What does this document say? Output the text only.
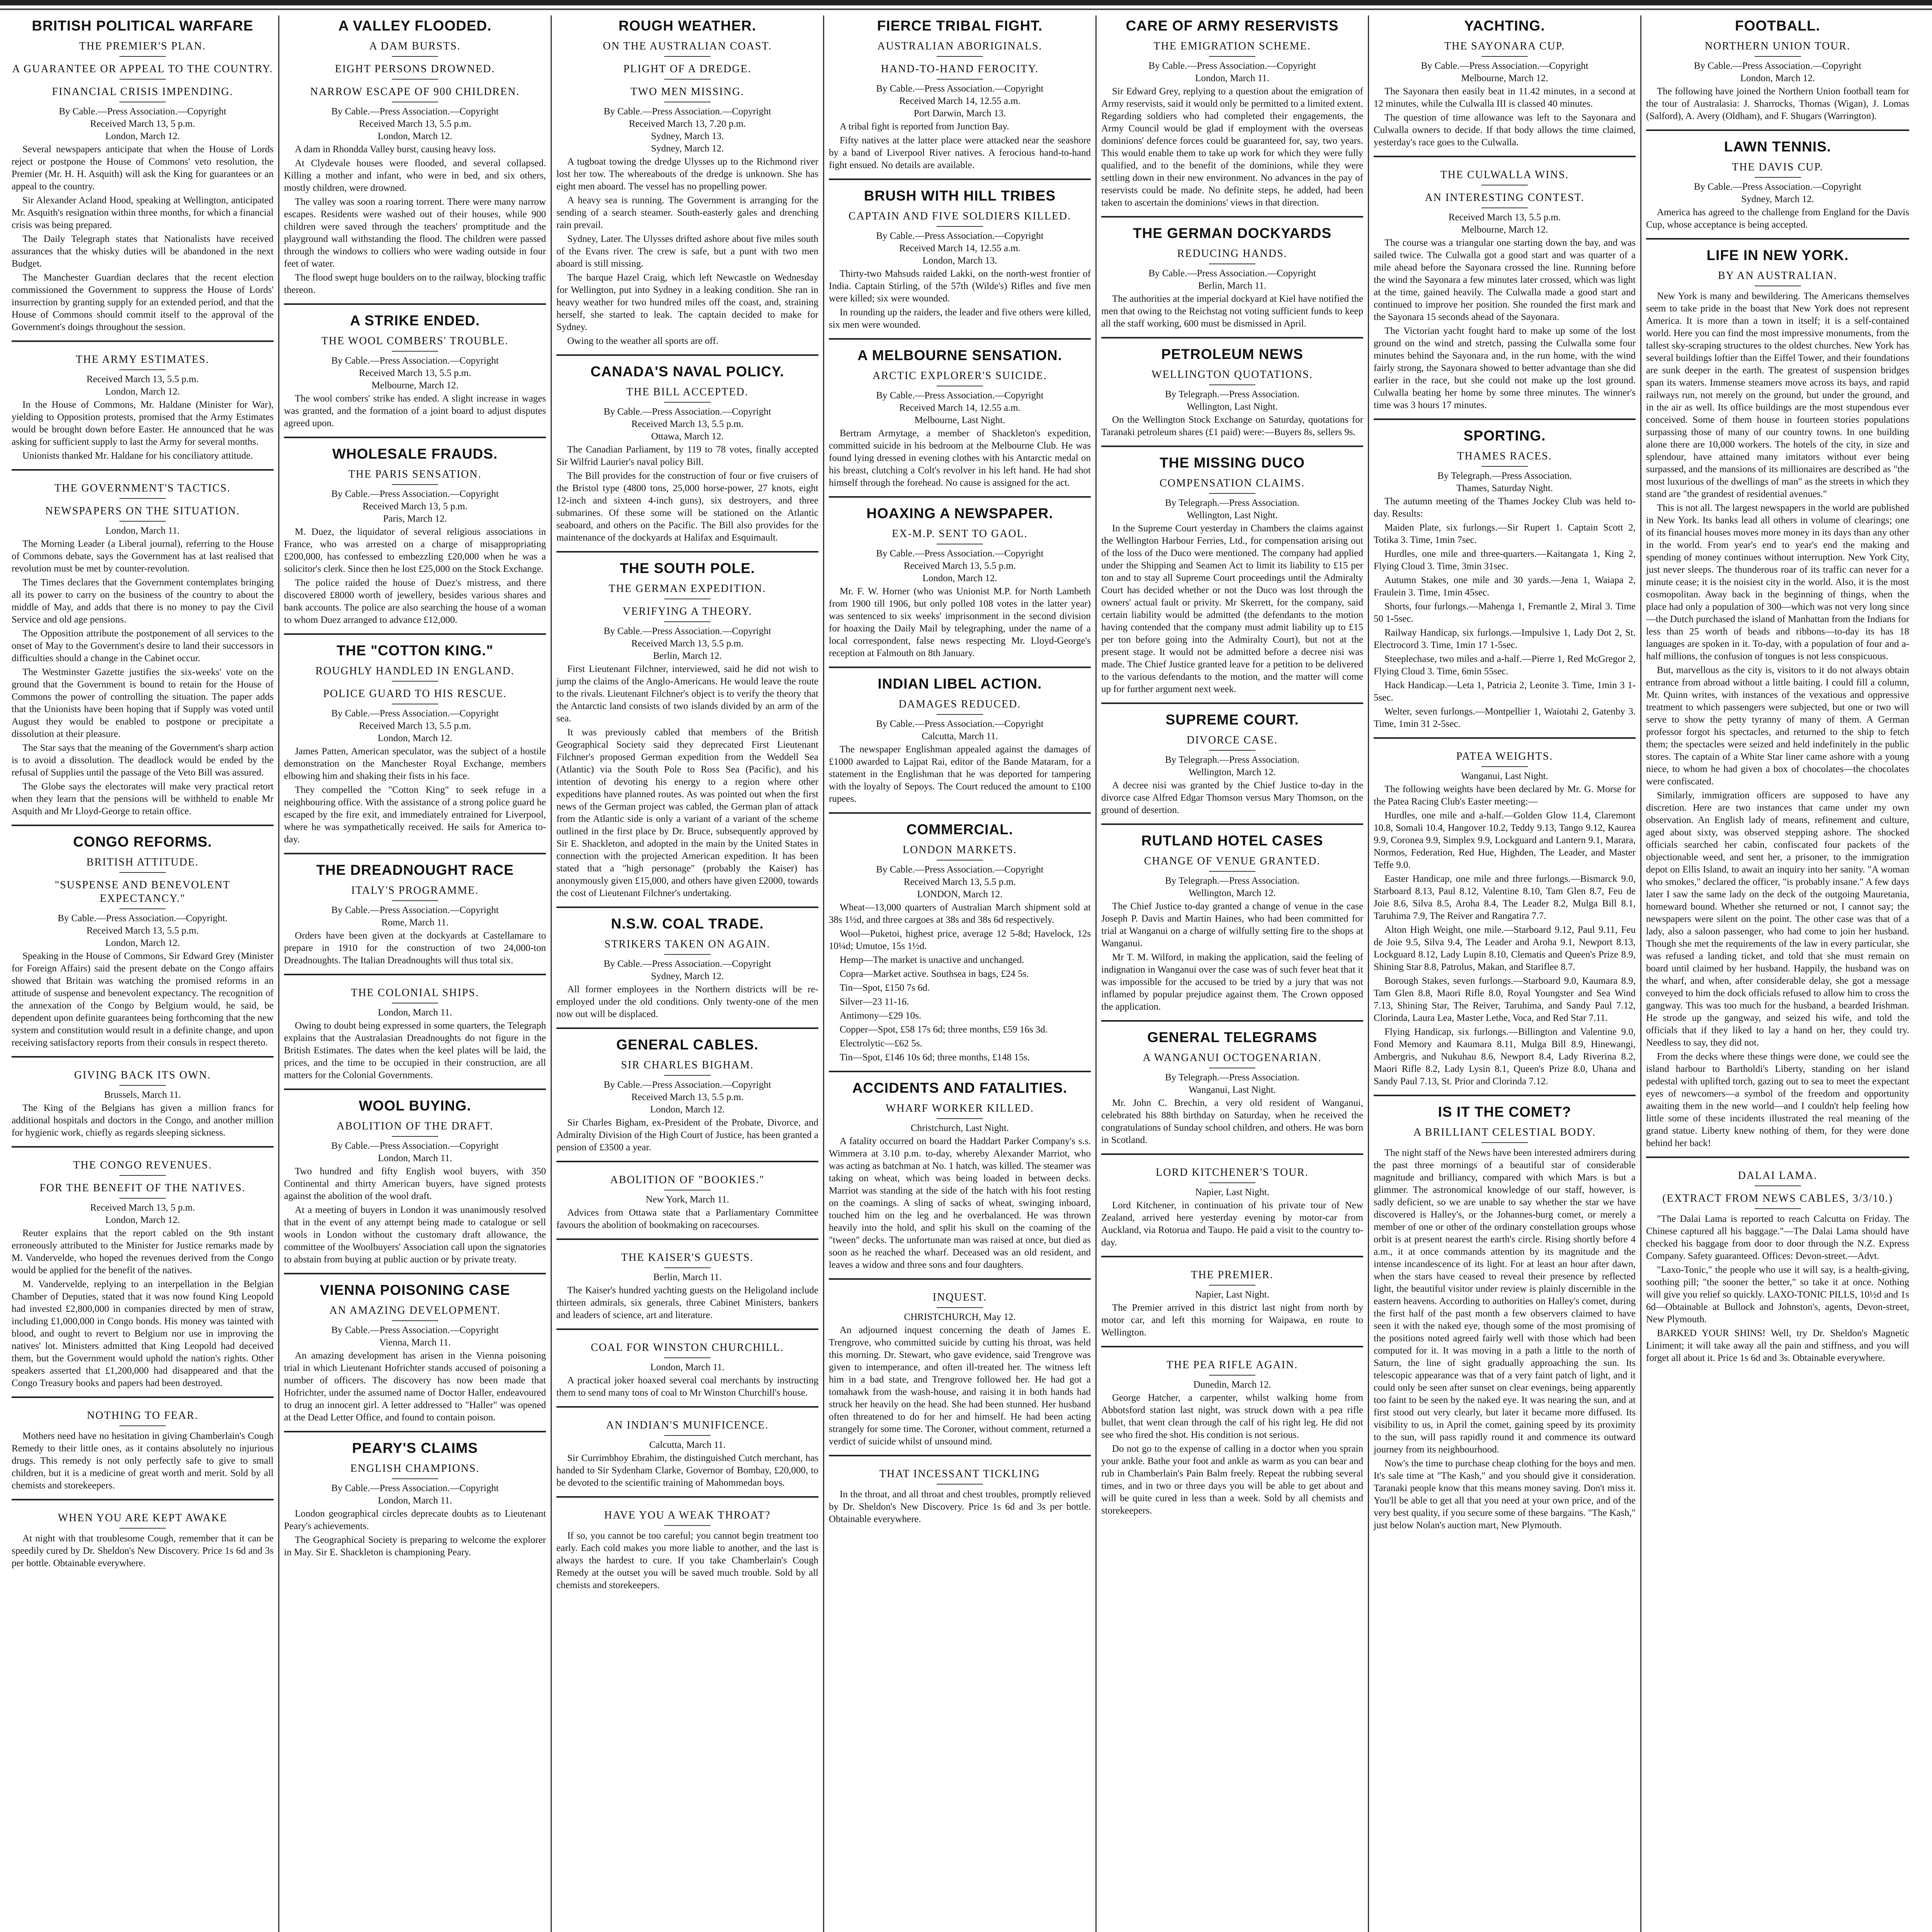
BRITISH POLITICAL WARFARE
THE PREMIER'S PLAN.
A GUARANTEE OR APPEAL TO THE COUNTRY.
FINANCIAL CRISIS IMPENDING.
By Cable.—Press Association.—Copyright
Received March 13, 5 p.m.
London, March 12.

Several newspapers anticipate that when the House of Lords reject or postpone the House of Commons' veto resolution, the Premier (Mr. H. H. Asquith) will ask the King for guarantees or an appeal to the country.

Sir Alexander Acland Hood, speaking at Wellington, anticipated Mr. Asquith's resignation within three months, for which a financial crisis was being prepared.

The Daily Telegraph states that Nationalists have received assurances that the whisky duties will be abandoned in the next Budget.

The Manchester Guardian declares that the recent election commissioned the Government to suppress the House of Lords' insurrection by granting supply for an extended period, and that the House of Commons should commit itself to the approval of the Government's doings throughout the session.

THE ARMY ESTIMATES.
Received March 13, 5.5 p.m.
London, March 12.

In the House of Commons, Mr. Haldane (Minister for War), yielding to Opposition protests, promised that the Army Estimates would be brought down before Easter. He announced that he was asking for sufficient supply to last the Army for several months.

Unionists thanked Mr. Haldane for his conciliatory attitude.

THE GOVERNMENT'S TACTICS.
NEWSPAPERS ON THE SITUATION.
London, March 11.

The Morning Leader (a Liberal journal), referring to the House of Commons debate, says the Government has at last realised that revolution must be met by counter-revolution.

The Times declares that the Government contemplates bringing all its power to carry on the business of the country to about the middle of May, and adds that there is no money to pay the Civil Service and old age pensions.

The Opposition attribute the postponement of all services to the onset of May to the Government's desire to land their successors in difficulties should a change in the Cabinet occur.

The Westminster Gazette justifies the six-weeks' vote on the ground that the Government is bound to retain for the House of Commons the power of controlling the situation. The paper adds that the Unionists have been hoping that if Supply was voted until August they would be enabled to postpone or precipitate a dissolution at their pleasure.

The Star says that the meaning of the Government's sharp action is to avoid a dissolution. The deadlock would be ended by the refusal of Supplies until the passage of the Veto Bill was assured.

The Globe says the electorates will make very practical retort when they learn that the pensions will be withheld to enable Mr Asquith and Mr Lloyd-George to retain office.

CONGO REFORMS.
BRITISH ATTITUDE.
"SUSPENSE AND BENEVOLENT EXPECTANCY."
By Cable.—Press Association.—Copyright.
Received March 13, 5.5 p.m.
London, March 12.

Speaking in the House of Commons, Sir Edward Grey (Minister for Foreign Affairs) said the present debate on the Congo affairs showed that Britain was watching the promised reforms in an attitude of suspense and benevolent expectancy. The recognition of the annexation of the Congo by Belgium would, he said, be dependent upon definite guarantees being forthcoming that the new system and constitution would result in a definite change, and upon receiving satisfactory reports from their consuls in respect thereto.

GIVING BACK ITS OWN.
Brussels, March 11.

The King of the Belgians has given a million francs for additional hospitals and doctors in the Congo, and another million for hygienic work, chiefly as regards sleeping sickness.

THE CONGO REVENUES.
FOR THE BENEFIT OF THE NATIVES.
Received March 13, 5 p.m.
London, March 12.

Reuter explains that the report cabled on the 9th instant erroneously attributed to the Minister for Justice remarks made by M. Vandervelde, who hoped the revenues derived from the Congo would be applied for the benefit of the natives.

M. Vandervelde, replying to an interpellation in the Belgian Chamber of Deputies, stated that it was now found King Leopold had invested £2,800,000 in companies directed by men of straw, including £1,000,000 in Congo bonds. His money was tainted with blood, and ought to revert to Belgium nor use in improving the natives' lot. Ministers admitted that King Leopold had deceived them, but the Government would uphold the nation's rights. Other speakers asserted that £1,200,000 had disappeared and that the Congo Treasury books and papers had been destroyed.

NOTHING TO FEAR.

Mothers need have no hesitation in giving Chamberlain's Cough Remedy to their little ones, as it contains absolutely no injurious drugs. This remedy is not only perfectly safe to give to small children, but it is a medicine of great worth and merit. Sold by all chemists and storekeepers.

WHEN YOU ARE KEPT AWAKE

At night with that troublesome Cough, remember that it can be speedily cured by Dr. Sheldon's New Discovery. Price 1s 6d and 3s per bottle. Obtainable everywhere.

A VALLEY FLOODED.
A DAM BURSTS.
EIGHT PERSONS DROWNED.
NARROW ESCAPE OF 900 CHILDREN.
By Cable.—Press Association.—Copyright
Received March 13, 5.5 p.m.
London, March 12.

A dam in Rhondda Valley burst, causing heavy loss.

At Clydevale houses were flooded, and several collapsed. Killing a mother and infant, who were in bed, and six others, mostly children, were drowned.

The valley was soon a roaring torrent. There were many narrow escapes. Residents were washed out of their houses, while 900 children were saved through the teachers' promptitude and the playground wall withstanding the flood. The children were passed through the windows to colliers who were wading outside in four feet of water.

The flood swept huge boulders on to the railway, blocking traffic thereon.

A STRIKE ENDED.
THE WOOL COMBERS' TROUBLE.
By Cable.—Press Association.—Copyright
Received March 13, 5.5 p.m.
Melbourne, March 12.

The wool combers' strike has ended. A slight increase in wages was granted, and the formation of a joint board to adjust disputes agreed upon.

WHOLESALE FRAUDS.
THE PARIS SENSATION.
By Cable.—Press Association.—Copyright
Received March 13, 5 p.m.
Paris, March 12.

M. Duez, the liquidator of several religious associations in France, who was arrested on a charge of misappropriating £200,000, has confessed to embezzling £20,000 when he was a solicitor's clerk. Since then he lost £25,000 on the Stock Exchange.

The police raided the house of Duez's mistress, and there discovered £8000 worth of jewellery, besides various shares and bank accounts. The police are also searching the house of a woman to whom Duez arranged to advance £12,000.

THE "COTTON KING."
ROUGHLY HANDLED IN ENGLAND.
POLICE GUARD TO HIS RESCUE.
By Cable.—Press Association.—Copyright
Received March 13, 5.5 p.m.
London, March 12.

James Patten, American speculator, was the subject of a hostile demonstration on the Manchester Royal Exchange, members elbowing him and shaking their fists in his face.

They compelled the "Cotton King" to seek refuge in a neighbouring office. With the assistance of a strong police guard he escaped by the fire exit, and immediately entrained for Liverpool, where he was sympathetically received. He sails for America to-day.

THE DREADNOUGHT RACE
ITALY'S PROGRAMME.
By Cable.—Press Association.—Copyright
Rome, March 11.

Orders have been given at the dockyards at Castellamare to prepare in 1910 for the construction of two 24,000-ton Dreadnoughts. The Italian Dreadnoughts will thus total six.

THE COLONIAL SHIPS.
London, March 11.

Owing to doubt being expressed in some quarters, the Telegraph explains that the Australasian Dreadnoughts do not figure in the British Estimates. The dates when the keel plates will be laid, the prices, and the time to be occupied in their construction, are all matters for the Colonial Governments.

WOOL BUYING.
ABOLITION OF THE DRAFT.
By Cable.—Press Association.—Copyright
London, March 11.

Two hundred and fifty English wool buyers, with 350 Continental and thirty American buyers, have signed protests against the abolition of the wool draft.

At a meeting of buyers in London it was unanimously resolved that in the event of any attempt being made to catalogue or sell wools in London without the customary draft allowance, the committee of the Woolbuyers' Association call upon the signatories to abstain from buying at public auction or by private treaty.

VIENNA POISONING CASE
AN AMAZING DEVELOPMENT.
By Cable.—Press Association.—Copyright
Vienna, March 11.

An amazing development has arisen in the Vienna poisoning trial in which Lieutenant Hofrichter stands accused of poisoning a number of officers. The discovery has now been made that Hofrichter, under the assumed name of Doctor Haller, endeavoured to drug an innocent girl. A letter addressed to "Haller" was opened at the Dead Letter Office, and found to contain poison.

PEARY'S CLAIMS
ENGLISH CHAMPIONS.
By Cable.—Press Association.—Copyright
London, March 11.

London geographical circles deprecate doubts as to Lieutenant Peary's achievements.

The Geographical Society is preparing to welcome the explorer in May. Sir E. Shackleton is championing Peary.

ROUGH WEATHER.
ON THE AUSTRALIAN COAST.
PLIGHT OF A DREDGE.
TWO MEN MISSING.
By Cable.—Press Association.—Copyright
Received March 13, 7.20 p.m.
Sydney, March 13.
Sydney, March 12.

A tugboat towing the dredge Ulysses up to the Richmond river lost her tow. The whereabouts of the dredge is unknown. She has eight men aboard. The vessel has no propelling power.

A heavy sea is running. The Government is arranging for the sending of a search steamer. South-easterly gales and drenching rain prevail.

Sydney, Later. The Ulysses drifted ashore about five miles south of the Evans river. The crew is safe, but a punt with two men aboard is still missing.

The barque Hazel Craig, which left Newcastle on Wednesday for Wellington, put into Sydney in a leaking condition. She ran in heavy weather for two hundred miles off the coast, and, straining herself, she started to leak. The captain decided to make for Sydney.

Owing to the weather all sports are off.

CANADA'S NAVAL POLICY.
THE BILL ACCEPTED.
By Cable.—Press Association.—Copyright
Received March 13, 5.5 p.m.
Ottawa, March 12.

The Canadian Parliament, by 119 to 78 votes, finally accepted Sir Wilfrid Laurier's naval policy Bill.

The Bill provides for the construction of four or five cruisers of the Bristol type (4800 tons, 25,000 horse-power, 27 knots, eight 12-inch and sixteen 4-inch guns), six destroyers, and three submarines. Of these some will be stationed on the Atlantic seaboard, and others on the Pacific. The Bill also provides for the maintenance of the dockyards at Halifax and Esquimault.

THE SOUTH POLE.
THE GERMAN EXPEDITION.
VERIFYING A THEORY.
By Cable.—Press Association.—Copyright
Received March 13, 5.5 p.m.
Berlin, March 12.

First Lieutenant Filchner, interviewed, said he did not wish to jump the claims of the Anglo-Americans. He would leave the route to the rivals. Lieutenant Filchner's object is to verify the theory that the Antarctic land consists of two islands divided by an arm of the sea.

It was previously cabled that members of the British Geographical Society said they deprecated First Lieutenant Filchner's proposed German expedition from the Weddell Sea (Atlantic) via the South Pole to Ross Sea (Pacific), and his intention of devoting his energy to a region where other expeditions have planned routes. As was pointed out when the first news of the German project was cabled, the German plan of attack from the Atlantic side is only a variant of a variant of the scheme outlined in the first place by Dr. Bruce, subsequently approved by Sir E. Shackleton, and adopted in the main by the United States in connection with the projected American expedition. It has been stated that a "high personage" (probably the Kaiser) has anonymously given £15,000, and others have given £2000, towards the cost of Lieutenant Filchner's undertaking.

N.S.W. COAL TRADE.
STRIKERS TAKEN ON AGAIN.
By Cable.—Press Association.—Copyright
Sydney, March 12.

All former employees in the Northern districts will be re-employed under the old conditions. Only twenty-one of the men now out will be displaced.

GENERAL CABLES.
SIR CHARLES BIGHAM.
By Cable.—Press Association.—Copyright
Received March 13, 5.5 p.m.
London, March 12.

Sir Charles Bigham, ex-President of the Probate, Divorce, and Admiralty Division of the High Court of Justice, has been granted a pension of £3500 a year.

ABOLITION OF "BOOKIES."
New York, March 11.

Advices from Ottawa state that a Parliamentary Committee favours the abolition of bookmaking on racecourses.

THE KAISER'S GUESTS.
Berlin, March 11.

The Kaiser's hundred yachting guests on the Heligoland include thirteen admirals, six generals, three Cabinet Ministers, bankers and leaders of science, art and literature.

COAL FOR WINSTON CHURCHILL.
London, March 11.

A practical joker hoaxed several coal merchants by instructing them to send many tons of coal to Mr Winston Churchill's house.

AN INDIAN'S MUNIFICENCE.
Calcutta, March 11.

Sir Currimbhoy Ebrahim, the distinguished Cutch merchant, has handed to Sir Sydenham Clarke, Governor of Bombay, £20,000, to be devoted to the scientific training of Mahommedan boys.

HAVE YOU A WEAK THROAT?

If so, you cannot be too careful; you cannot begin treatment too early. Each cold makes you more liable to another, and the last is always the hardest to cure. If you take Chamberlain's Cough Remedy at the outset you will be saved much trouble. Sold by all chemists and storekeepers.

FIERCE TRIBAL FIGHT.
AUSTRALIAN ABORIGINALS.
HAND-TO-HAND FEROCITY.
By Cable.—Press Association.—Copyright
Received March 14, 12.55 a.m.
Port Darwin, March 13.

A tribal fight is reported from Junction Bay.

Fifty natives at the latter place were attacked near the seashore by a band of Liverpool River natives. A ferocious hand-to-hand fight ensued. No details are available.

BRUSH WITH HILL TRIBES
CAPTAIN AND FIVE SOLDIERS KILLED.
By Cable.—Press Association.—Copyright
Received March 14, 12.55 a.m.
London, March 13.

Thirty-two Mahsuds raided Lakki, on the north-west frontier of India. Captain Stirling, of the 57th (Wilde's) Rifles and five men were killed; six were wounded.

In rounding up the raiders, the leader and five others were killed, six men were wounded.

A MELBOURNE SENSATION.
ARCTIC EXPLORER'S SUICIDE.
By Cable.—Press Association.—Copyright
Received March 14, 12.55 a.m.
Melbourne, Last Night.

Bertram Armytage, a member of Shackleton's expedition, committed suicide in his bedroom at the Melbourne Club. He was found lying dressed in evening clothes with his Antarctic medal on his breast, clutching a Colt's revolver in his left hand. He had shot himself through the forehead. No cause is assigned for the act.

HOAXING A NEWSPAPER.
EX-M.P. SENT TO GAOL.
By Cable.—Press Association.—Copyright
Received March 13, 5.5 p.m.
London, March 12.

Mr. F. W. Horner (who was Unionist M.P. for North Lambeth from 1900 till 1906, but only polled 108 votes in the latter year) was sentenced to six weeks' imprisonment in the second division for hoaxing the Daily Mail by telegraphing, under the name of a local correspondent, false news respecting Mr. Lloyd-George's reception at Falmouth on 8th January.

INDIAN LIBEL ACTION.
DAMAGES REDUCED.
By Cable.—Press Association.—Copyright
Calcutta, March 11.

The newspaper Englishman appealed against the damages of £1000 awarded to Lajpat Rai, editor of the Bande Mataram, for a statement in the Englishman that he was deported for tampering with the loyalty of Sepoys. The Court reduced the amount to £100 rupees.

COMMERCIAL.
LONDON MARKETS.
By Cable.—Press Association.—Copyright
Received March 13, 5.5 p.m.
LONDON, March 12.

Wheat—13,000 quarters of Australian March shipment sold at 38s 1½d, and three cargoes at 38s and 38s 6d respectively.

Wool—Puketoi, highest price, average 12 5-8d; Havelock, 12s 10¼d; Umutoe, 15s 1½d.

Hemp—The market is unactive and unchanged.

Copra—Market active. Southsea in bags, £24 5s.

Tin—Spot, £150 7s 6d.

Silver—23 11-16.

Antimony—£29 10s.

Copper—Spot, £58 17s 6d; three months, £59 16s 3d.

Electrolytic—£62 5s.

Tin—Spot, £146 10s 6d; three months, £148 15s.

ACCIDENTS AND FATALITIES.
WHARF WORKER KILLED.
Christchurch, Last Night.

A fatality occurred on board the Haddart Parker Company's s.s. Wimmera at 3.10 p.m. to-day, whereby Alexander Marriot, who was acting as batchman at No. 1 hatch, was killed. The steamer was taking on wheat, which was being loaded in between decks. Marriot was standing at the side of the hatch with his foot resting on the coamings. A sling of sacks of wheat, swinging inboard, touched him on the leg and he overbalanced. He was thrown heavily into the hold, and split his skull on the coaming of the "tween" decks. The unfortunate man was raised at once, but died as soon as he reached the wharf. Deceased was an old resident, and leaves a widow and three sons and four daughters.

INQUEST.
CHRISTCHURCH, May 12.

An adjourned inquest concerning the death of James E. Trengrove, who committed suicide by cutting his throat, was held this morning. Dr. Stewart, who gave evidence, said Trengrove was given to intemperance, and often ill-treated her. The witness left him in a bad state, and Trengrove followed her. He had got a tomahawk from the wash-house, and raising it in both hands had struck her heavily on the head. She had been stunned. Her husband often threatened to do for her and himself. He had been acting strangely for some time. The Coroner, without comment, returned a verdict of suicide whilst of unsound mind.

THAT INCESSANT TICKLING

In the throat, and all throat and chest troubles, promptly relieved by Dr. Sheldon's New Discovery. Price 1s 6d and 3s per bottle. Obtainable everywhere.

CARE OF ARMY RESERVISTS
THE EMIGRATION SCHEME.
By Cable.—Press Association.—Copyright
London, March 11.

Sir Edward Grey, replying to a question about the emigration of Army reservists, said it would only be permitted to a limited extent. Regarding soldiers who had completed their engagements, the Army Council would be glad if employment with the overseas dominions' defence forces could be guaranteed for, say, two years. This would enable them to take up work for which they were fully qualified, and to the benefit of the dominions, while they were settling down in their new environment. No advances in the pay of reservists could be made. No definite steps, he added, had been taken to ascertain the dominions' views in that direction.

THE GERMAN DOCKYARDS
REDUCING HANDS.
By Cable.—Press Association.—Copyright
Berlin, March 11.

The authorities at the imperial dockyard at Kiel have notified the men that owing to the Reichstag not voting sufficient funds to keep all the staff working, 600 must be dismissed in April.

PETROLEUM NEWS
WELLINGTON QUOTATIONS.
By Telegraph.—Press Association.
Wellington, Last Night.

On the Wellington Stock Exchange on Saturday, quotations for Taranaki petroleum shares (£1 paid) were:—Buyers 8s, sellers 9s.

THE MISSING DUCO
COMPENSATION CLAIMS.
By Telegraph.—Press Association.
Wellington, Last Night.

In the Supreme Court yesterday in Chambers the claims against the Wellington Harbour Ferries, Ltd., for compensation arising out of the loss of the Duco were mentioned. The company had applied under the Shipping and Seamen Act to limit its liability to £15 per ton and to stay all Supreme Court proceedings until the Admiralty Court has decided whether or not the Duco was lost through the owners' actual fault or privity. Mr Skerrett, for the company, said certain liability would be admitted (the defendants to the motion having contended that the company must admit liability up to £15 per ton before going into the Admiralty Court), but not at the present stage. It would not be admitted before a decree nisi was made. The Chief Justice granted leave for a petition to be delivered to the various defendants to the motion, and the matter will come up for further argument next week.

SUPREME COURT.
DIVORCE CASE.
By Telegraph.—Press Association.
Wellington, March 12.

A decree nisi was granted by the Chief Justice to-day in the divorce case Alfred Edgar Thomson versus Mary Thomson, on the ground of desertion.

RUTLAND HOTEL CASES
CHANGE OF VENUE GRANTED.
By Telegraph.—Press Association.
Wellington, March 12.

The Chief Justice to-day granted a change of venue in the case Joseph P. Davis and Martin Haines, who had been committed for trial at Wanganui on a charge of wilfully setting fire to the shops at Wanganui.

Mr T. M. Wilford, in making the application, said the feeling of indignation in Wanganui over the case was of such fever heat that it was impossible for the accused to be tried by a jury that was not inflamed by popular prejudice against them. The Crown opposed the application.

GENERAL TELEGRAMS
A WANGANUI OCTOGENARIAN.
By Telegraph.—Press Association.
Wanganui, Last Night.

Mr. John C. Brechin, a very old resident of Wanganui, celebrated his 88th birthday on Saturday, when he received the congratulations of Sunday school children, and others. He was born in Scotland.

LORD KITCHENER'S TOUR.
Napier, Last Night.

Lord Kitchener, in continuation of his private tour of New Zealand, arrived here yesterday evening by motor-car from Auckland, via Rotorua and Taupo. He paid a visit to the country to-day.

THE PREMIER.
Napier, Last Night.

The Premier arrived in this district last night from north by motor car, and left this morning for Waipawa, en route to Wellington.

THE PEA RIFLE AGAIN.
Dunedin, March 12.

George Hatcher, a carpenter, whilst walking home from Abbotsford station last night, was struck down with a pea rifle bullet, that went clean through the calf of his right leg. He did not see who fired the shot. His condition is not serious.

Do not go to the expense of calling in a doctor when you sprain your ankle. Bathe your foot and ankle as warm as you can bear and rub in Chamberlain's Pain Balm freely. Repeat the rubbing several times, and in two or three days you will be able to get about and will be quite cured in less than a week. Sold by all chemists and storekeepers.

YACHTING.
THE SAYONARA CUP.
By Cable.—Press Association.—Copyright
Melbourne, March 12.

The Sayonara then easily beat in 11.42 minutes, in a second at 12 minutes, while the Culwalla III is classed 40 minutes.

The question of time allowance was left to the Sayonara and Culwalla owners to decide. If that body allows the time claimed, yesterday's race goes to the Culwalla.

THE CULWALLA WINS.
AN INTERESTING CONTEST.
Received March 13, 5.5 p.m.
Melbourne, March 12.

The course was a triangular one starting down the bay, and was sailed twice. The Culwalla got a good start and was quarter of a mile ahead before the Sayonara crossed the line. Running before the wind the Sayonara a few minutes later crossed, which was light at the time, gained heavily. The Culwalla made a good start and continued to improve her position. She rounded the first mark and the Sayonara 15 seconds ahead of the Sayonara.

The Victorian yacht fought hard to make up some of the lost ground on the wind and stretch, passing the Culwalla some four minutes behind the Sayonara and, in the run home, with the wind fairly strong, the Sayonara showed to better advantage than she did earlier in the race, but she could not make up the lost ground. Culwalla beating her home by some three minutes. The winner's time was 3 hours 17 minutes.

SPORTING.
THAMES RACES.
By Telegraph.—Press Association.
Thames, Saturday Night.

The autumn meeting of the Thames Jockey Club was held to-day. Results:

Maiden Plate, six furlongs.—Sir Rupert 1. Captain Scott 2, Totika 3. Time, 1min 7sec.

Hurdles, one mile and three-quarters.—Kaitangata 1, King 2, Flying Cloud 3. Time, 3min 31sec.

Autumn Stakes, one mile and 30 yards.—Jena 1, Waiapa 2, Fraulein 3. Time, 1min 45sec.

Shorts, four furlongs.—Mahenga 1, Fremantle 2, Miral 3. Time 50 1-5sec.

Railway Handicap, six furlongs.—Impulsive 1, Lady Dot 2, St. Electrocord 3. Time, 1min 17 1-5sec.

Steeplechase, two miles and a-half.—Pierre 1, Red McGregor 2, Flying Cloud 3. Time, 6min 55sec.

Hack Handicap.—Leta 1, Patricia 2, Leonite 3. Time, 1min 3 1-5sec.

Welter, seven furlongs.—Montpellier 1, Waiotahi 2, Gatenby 3. Time, 1min 31 2-5sec.

PATEA WEIGHTS.
Wanganui, Last Night.

The following weights have been declared by Mr. G. Morse for the Patea Racing Club's Easter meeting:—

Hurdles, one mile and a-half.—Golden Glow 11.4, Claremont 10.8, Somali 10.4, Hangover 10.2, Teddy 9.13, Tango 9.12, Kaurea 9.9, Coronea 9.9, Simplex 9.9, Lockguard and Lantern 9.1, Marara, Normos, Federation, Red Hue, Highden, The Leader, and Master Teffe 9.0.

Easter Handicap, one mile and three furlongs.—Bismarck 9.0, Starboard 8.13, Paul 8.12, Valentine 8.10, Tam Glen 8.7, Feu de Joie 8.6, Silva 8.5, Aroha 8.4, The Leader 8.2, Mulga Bill 8.1, Taruhima 7.9, The Reiver and Rangatira 7.7.

Alton High Weight, one mile.—Starboard 9.12, Paul 9.11, Feu de Joie 9.5, Silva 9.4, The Leader and Aroha 9.1, Newport 8.13, Lockguard 8.12, Lady Lupin 8.10, Clematis and Queen's Prize 8.9, Shining Star 8.8, Patrolus, Makan, and Stariflee 8.7.

Borough Stakes, seven furlongs.—Starboard 9.0, Kaumara 8.9, Tam Glen 8.8, Maori Rifle 8.0, Royal Youngster and Sea Wind 7.13, Shining Star, The Reiver, Taruhima, and Sandy Paul 7.12, Clorinda, Laura Lea, Master Lethe, Voca, and Red Star 7.11.

Flying Handicap, six furlongs.—Billington and Valentine 9.0, Fond Memory and Kaumara 8.11, Mulga Bill 8.9, Hinewangi, Ambergris, and Nukuhau 8.6, Newport 8.4, Lady Riverina 8.2, Maori Rifle 8.2, Lady Lysin 8.1, Queen's Prize 8.0, Uhana and Sandy Paul 7.13, St. Prior and Clorinda 7.12.

IS IT THE COMET?
A BRILLIANT CELESTIAL BODY.

The night staff of the News have been interested admirers during the past three mornings of a beautiful star of considerable magnitude and brilliancy, compared with which Mars is but a glimmer. The astronomical knowledge of our staff, however, is sadly deficient, so we are unable to say whether the star we have discovered is Halley's, or the Johannes-burg comet, or merely a member of one or other of the ordinary constellation groups whose orbit is at present nearest the earth's circle. Rising shortly before 4 a.m., it at once commands attention by its magnitude and the intense incandescence of its light. For at least an hour after dawn, when the stars have ceased to reveal their presence by reflected light, the beautiful visitor under review is plainly discernible in the eastern heavens. According to authorities on Halley's comet, during the first half of the past month a few observers claimed to have seen it with the naked eye, though some of the most promising of the positions noted agreed fairly well with those which had been computed for it. It was moving in a path a little to the north of Saturn, the line of sight gradually approaching the sun. Its telescopic appearance was that of a very faint patch of light, and it could only be seen after sunset on clear evenings, being apparently too faint to be seen by the naked eye. It was nearing the sun, and at first stood out very clearly, but later it became more diffused. Its visibility to us, in April the comet, gaining speed by its proximity to the sun, will pass rapidly round it and commence its outward journey from its neighbourhood.

Now's the time to purchase cheap clothing for the boys and men. It's sale time at "The Kash," and you should give it consideration. Taranaki people know that this means money saving. Don't miss it. You'll be able to get all that you need at your own price, and of the very best quality, if you secure some of these bargains. "The Kash," just below Nolan's auction mart, New Plymouth.

FOOTBALL.
NORTHERN UNION TOUR.
By Cable.—Press Association.—Copyright
London, March 12.

The following have joined the Northern Union football team for the tour of Australasia: J. Sharrocks, Thomas (Wigan), J. Lomas (Salford), A. Avery (Oldham), and F. Shugars (Warrington).

LAWN TENNIS.
THE DAVIS CUP.
By Cable.—Press Association.—Copyright
Sydney, March 12.

America has agreed to the challenge from England for the Davis Cup, whose acceptance is being accepted.

LIFE IN NEW YORK.
BY AN AUSTRALIAN.

New York is many and bewildering. The Americans themselves seem to take pride in the boast that New York does not represent America. It is more than a town in itself; it is a self-contained world. Here you can find the most impressive monuments, from the tallest sky-scraping structures to the oldest churches. New York has several buildings loftier than the Eiffel Tower, and their foundations are sunk deeper in the earth. The greatest of suspension bridges span its waters. Immense steamers move across its bays, and rapid railways run, not merely on the ground, but under the ground, and in the air as well. Its office buildings are the most stupendous ever conceived. Some of them house in fourteen stories populations surpassing those of many of our country towns. In one building alone there are 10,000 workers. The hotels of the city, in size and splendour, have attained many imitators without ever being surpassed, and the mansions of its millionaires are described as "the most luxurious of the dwellings of man" as the streets in which they stand are "the grandest of residential avenues."

This is not all. The largest newspapers in the world are published in New York. Its banks lead all others in volume of clearings; one of its financial houses moves more money in its days than any other in the world. From year's end to year's end the making and spending of money continues without interruption. New York City, just never sleeps. The thunderous roar of its traffic can never for a minute cease; it is the noisiest city in the world. Also, it is the most cosmopolitan. Away back in the beginning of things, when the place had only a population of 300—which was not very long since—the Dutch purchased the island of Manhattan from the Indians for less than 25 worth of beads and ribbons—to-day its has 18 languages are spoken in it. To-day, with a population of four and a-half millions, the confusion of tongues is not less conspicuous.

But, marvellous as the city is, visitors to it do not always obtain entrance from abroad without a little baiting. I could fill a column, Mr. Quinn writes, with instances of the vexatious and oppressive treatment to which passengers were subjected, but one or two will serve to show the petty tyranny of many of them. A German professor forgot his spectacles, and returned to the ship to fetch them; the spectacles were seized and held indefinitely in the public stores. The captain of a White Star liner came ashore with a young niece, to whom he had given a box of chocolates—the chocolates were confiscated.

Similarly, immigration officers are supposed to have any discretion. Here are two instances that came under my own observation. An English lady of means, refinement and culture, aged about sixty, was observed stepping ashore. The shocked officials searched her cabin, confiscated four packets of the objectionable weed, and sent her, a prisoner, to the immigration depot on Ellis Island, to await an inquiry into her sanity. "A woman who smokes," declared the officer, "is probably insane." A few days later I saw the same lady on the deck of the outgoing Mauretania, homeward bound. Whether she returned or not, I cannot say; the newspapers were silent on the point. The other case was that of a lady, also a saloon passenger, who had come to join her husband. Though she met the requirements of the law in every particular, she was refused a landing ticket, and told that she must remain on board until claimed by her husband. Happily, the husband was on the wharf, and when, after considerable delay, she got a message conveyed to him the dock officials refused to allow him to cross the gangway. This was too much for the husband, a bearded Irishman. He strode up the gangway, and seized his wife, and told the officials that if they liked to lay a hand on her, they could try. Needless to say, they did not.

From the decks where these things were done, we could see the island harbour to Bartholdi's Liberty, standing on her island pedestal with uplifted torch, gazing out to sea to meet the expectant eyes of newcomers—a symbol of the freedom and opportunity awaiting them in the new world—and I couldn't help feeling how little some of these incidents illustrated the real meaning of the grand statue. Liberty knew nothing of them, for they were done behind her back!

DALAI LAMA.
(EXTRACT FROM NEWS CABLES, 3/3/10.)

"The Dalai Lama is reported to reach Calcutta on Friday. The Chinese captured all his baggage."—The Dalai Lama should have checked his baggage from door to door through the N.Z. Express Company. Safety guaranteed. Offices: Devon-street.—Advt.

"Laxo-Tonic," the people who use it will say, is a health-giving, soothing pill; "the sooner the better," so take it at once. Nothing will give you relief so quickly. LAXO-TONIC PILLS, 10½d and 1s 6d—Obtainable at Bullock and Johnston's, agents, Devon-street, New Plymouth.

BARKED YOUR SHINS! Well, try Dr. Sheldon's Magnetic Liniment; it will take away all the pain and stiffness, and you will forget all about it. Price 1s 6d and 3s. Obtainable everywhere.
